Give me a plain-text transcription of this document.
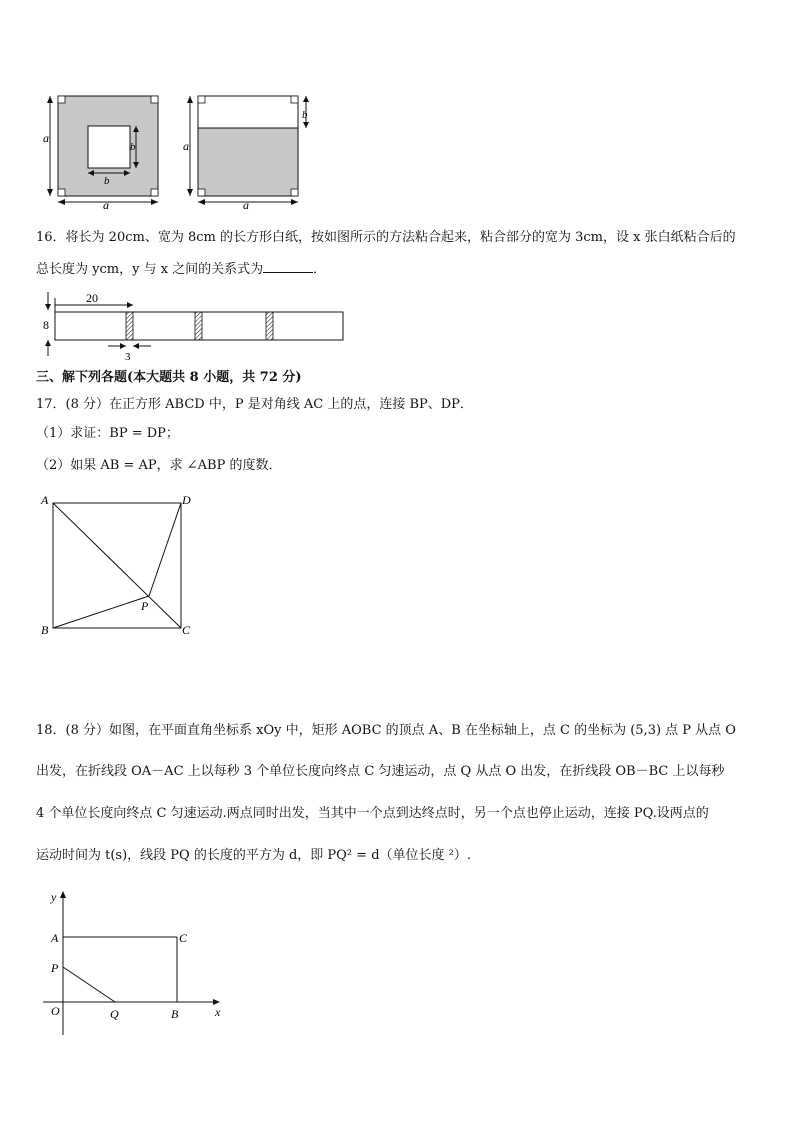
a
b
b
a
a
b
a
16．将长为 20cm、宽为 8cm 的长方形白纸，按如图所示的方法粘合起来，粘合部分的宽为 3cm，设 x 张白纸粘合后的
总长度为 ycm，y 与 x 之间的关系式为	．
20
8
3
三、解下列各题(本大题共 8 小题，共 72 分)
17．(8 分）在正方形 ABCD 中，P 是对角线 AC 上的点，连接 BP、DP．
（1）求证：BP = DP；
（2）如果 AB = AP，求 ∠ABP 的度数．
A	D
B	C
P
18．(8 分）如图，在平面直角坐标系 xOy 中，矩形 AOBC 的顶点 A、B 在坐标轴上，点 C 的坐标为 (5,3) 点 P 从点 O
出发，在折线段 OA－AC 上以每秒 3 个单位长度向终点 C 匀速运动，点 Q 从点 O 出发，在折线段 OB－BC 上以每秒
4 个单位长度向终点 C 匀速运动.两点同时出发，当其中一个点到达终点时，另一个点也停止运动，连接 PQ.设两点的
运动时间为 t(s)，线段 PQ 的长度的平方为 d，即 PQ² = d（单位长度 ²）.
y
x
A	C
P
O	Q	B
